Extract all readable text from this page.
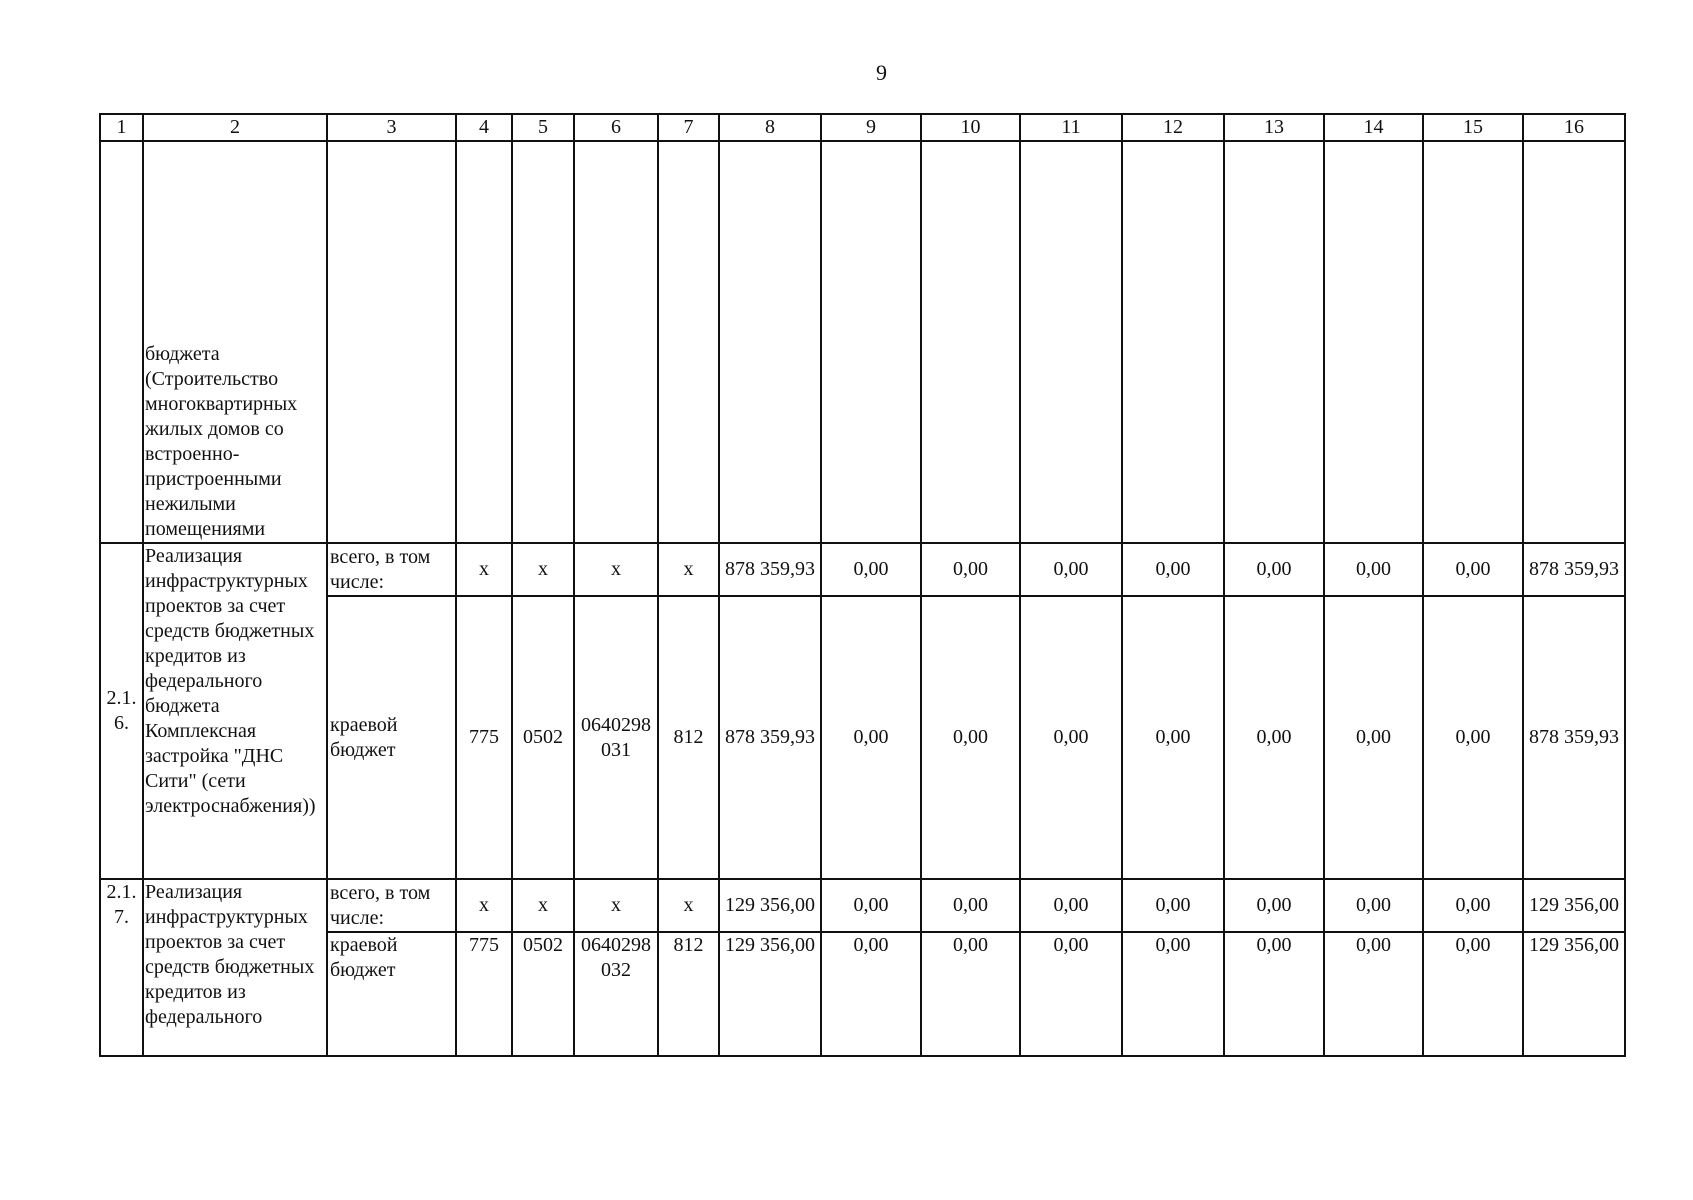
9
1	2	3	4	5	6	7	8	9	10	11	12	13	14	15	16

	бюджета (Строительство многоквартирных жилых домов со встроенно-пристроенными нежилыми помещениями														

2.1.6.	Реализация инфраструктурных проектов за счет средств бюджетных кредитов из федерального бюджета Комплексная застройка "ДНС Сити" (сети электроснабжения))	всего, в том числе:	х	х	х	х	878 359,93	0,00	0,00	0,00	0,00	0,00	0,00	0,00	878 359,93
		краевой бюджет	775	0502	0640298031	812	878 359,93	0,00	0,00	0,00	0,00	0,00	0,00	0,00	878 359,93
2.1.7.	Реализация инфраструктурных проектов за счет средств бюджетных кредитов из федерального	всего, в том числе:	х	х	х	х	129 356,00	0,00	0,00	0,00	0,00	0,00	0,00	0,00	129 356,00
		краевой бюджет	775	0502	0640298032	812	129 356,00	0,00	0,00	0,00	0,00	0,00	0,00	0,00	129 356,00
